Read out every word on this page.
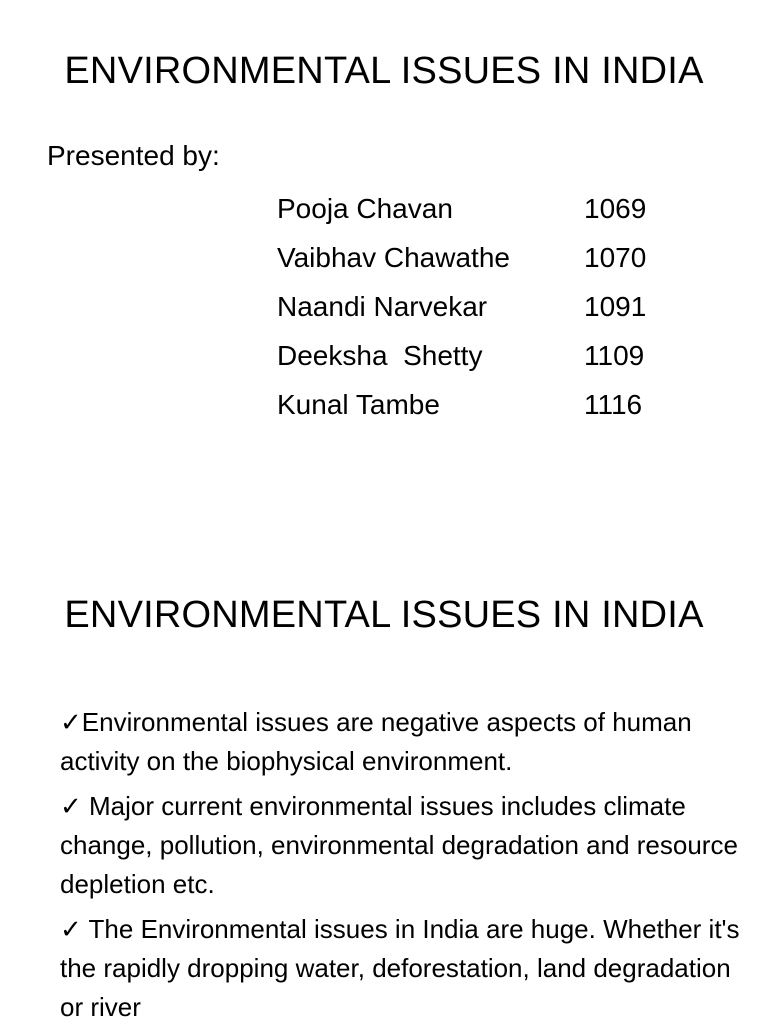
ENVIRONMENTAL ISSUES IN INDIA
Presented by:
Pooja Chavan	1069
Vaibhav Chawathe	1070
Naandi Narvekar	1091
Deeksha  Shetty	1109
Kunal Tambe	1116
ENVIRONMENTAL ISSUES IN INDIA
✓Environmental issues are negative aspects of human activity on the biophysical environment.
✓ Major current environmental issues includes climate change, pollution, environmental degradation and resource depletion etc.
✓ The Environmental issues in India are huge. Whether it's the rapidly dropping water, deforestation, land degradation or river
